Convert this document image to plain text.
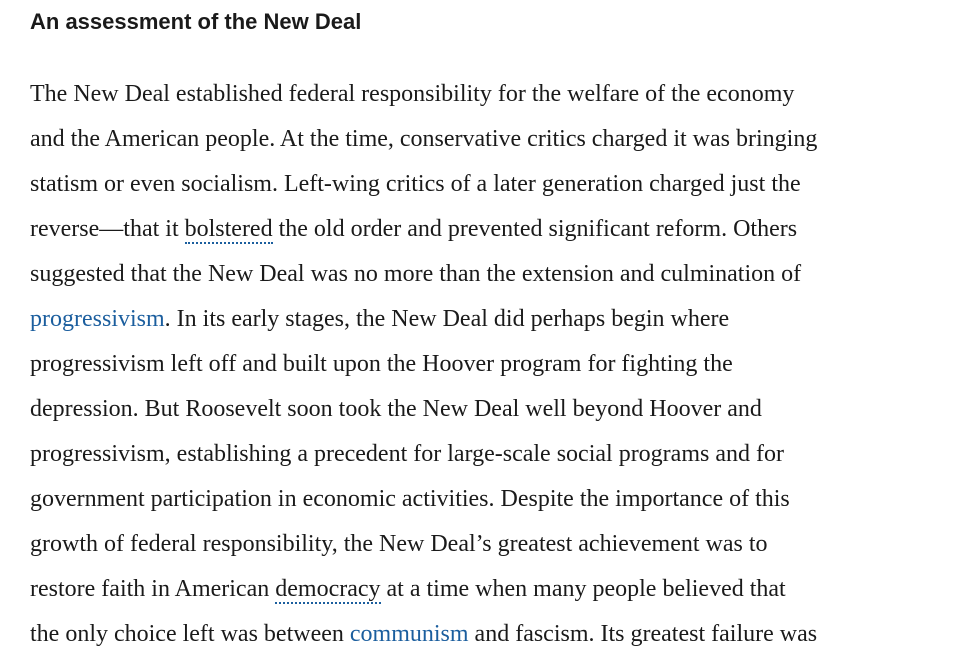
An assessment of the New Deal

The New Deal established federal responsibility for the welfare of the economy
and the American people. At the time, conservative critics charged it was bringing
statism or even socialism. Left-wing critics of a later generation charged just the
reverse—that it bolstered the old order and prevented significant reform. Others
suggested that the New Deal was no more than the extension and culmination of
progressivism. In its early stages, the New Deal did perhaps begin where
progressivism left off and built upon the Hoover program for fighting the
depression. But Roosevelt soon took the New Deal well beyond Hoover and
progressivism, establishing a precedent for large-scale social programs and for
government participation in economic activities. Despite the importance of this
growth of federal responsibility, the New Deal’s greatest achievement was to
restore faith in American democracy at a time when many people believed that
the only choice left was between communism and fascism. Its greatest failure was
